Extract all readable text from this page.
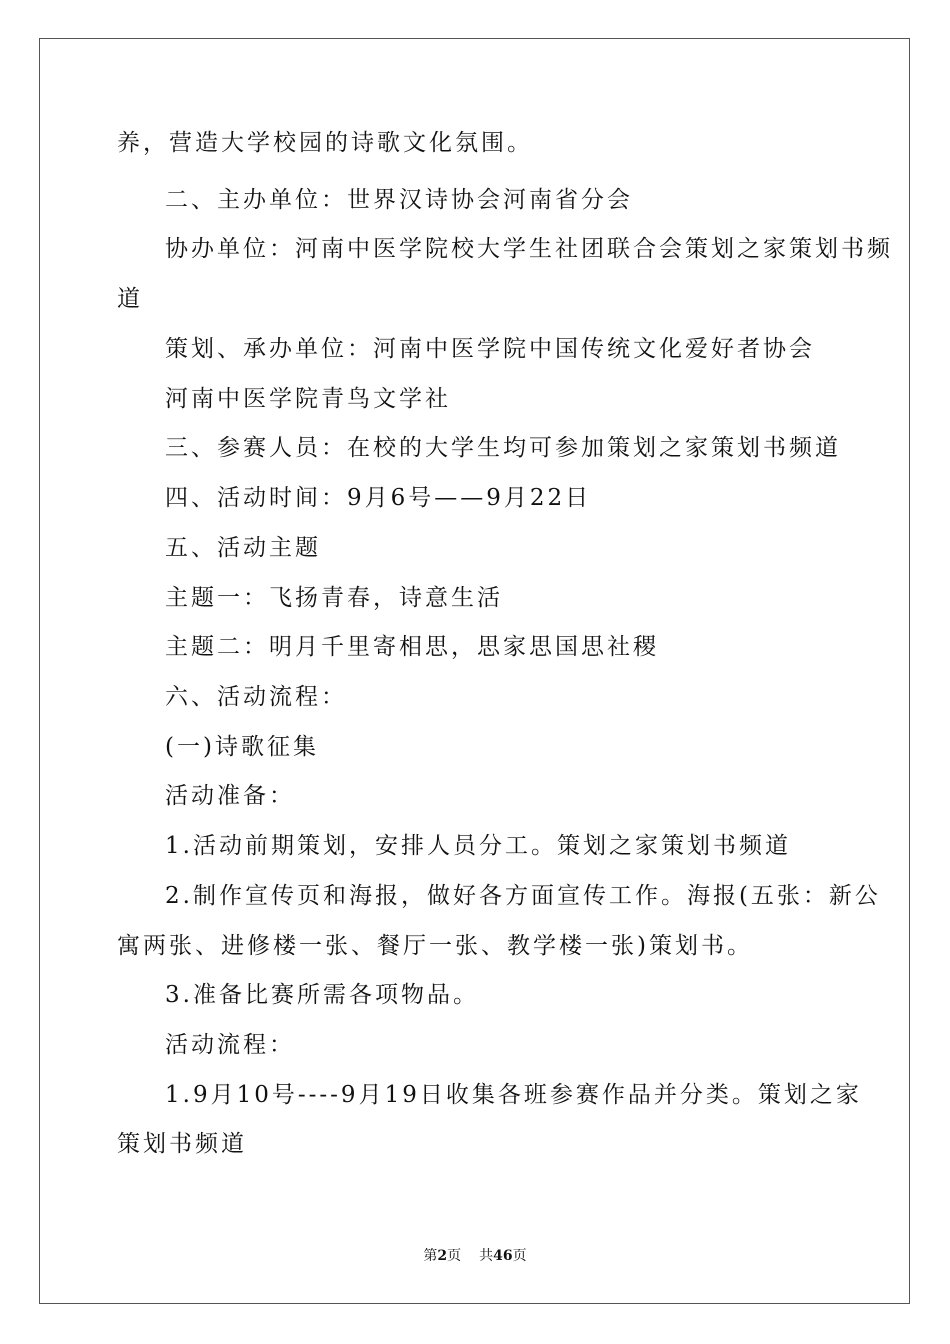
养，营造大学校园的诗歌文化氛围。
二、主办单位：世界汉诗协会河南省分会
协办单位：河南中医学院校大学生社团联合会策划之家策划书频
道
策划、承办单位：河南中医学院中国传统文化爱好者协会
河南中医学院青鸟文学社
三、参赛人员：在校的大学生均可参加策划之家策划书频道
四、活动时间：9月6号——9月22日
五、活动主题
主题一：飞扬青春，诗意生活
主题二：明月千里寄相思，思家思国思社稷
六、活动流程：
(一)诗歌征集
活动准备：
1.活动前期策划，安排人员分工。策划之家策划书频道
2.制作宣传页和海报，做好各方面宣传工作。海报(五张：新公
寓两张、进修楼一张、餐厅一张、教学楼一张)策划书。
3.准备比赛所需各项物品。
活动流程：
1.9月10号----9月19日收集各班参赛作品并分类。策划之家
策划书频道
第2页 共46页
